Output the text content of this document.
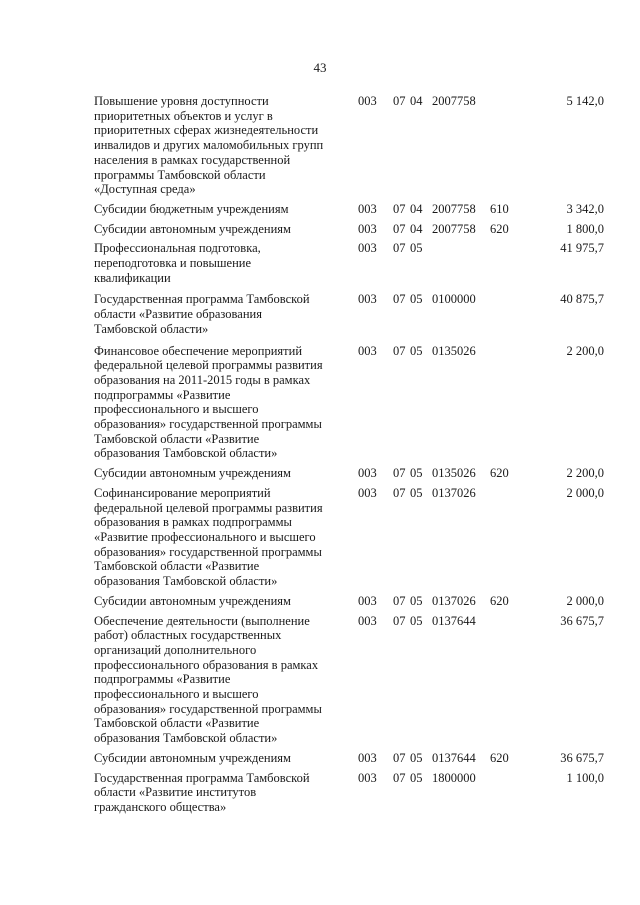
43
Повышение уровня доступности
приоритетных объектов и услуг в
приоритетных сферах жизнедеятельности
инвалидов и других маломобильных групп
населения в рамках государственной
программы Тамбовской области
«Доступная среда»
003 07 04 2007758	5 142,0
Субсидии бюджетным учреждениям	003 07 04 2007758 610	3 342,0
Субсидии автономным учреждениям	003 07 04 2007758 620	1 800,0
Профессиональная подготовка,
переподготовка и повышение
квалификации
003 07 05	41 975,7
Государственная программа Тамбовской
области «Развитие образования
Тамбовской области»
003 07 05 0100000	40 875,7
Финансовое обеспечение мероприятий
федеральной целевой программы развития
образования на 2011-2015 годы в рамках
подпрограммы «Развитие
профессионального и высшего
образования» государственной программы
Тамбовской области «Развитие
образования Тамбовской области»
003 07 05 0135026	2 200,0
Субсидии автономным учреждениям	003 07 05 0135026 620	2 200,0
Софинансирование мероприятий
федеральной целевой программы развития
образования в рамках подпрограммы
«Развитие профессионального и высшего
образования» государственной программы
Тамбовской области «Развитие
образования Тамбовской области»
003 07 05 0137026	2 000,0
Субсидии автономным учреждениям	003 07 05 0137026 620	2 000,0
Обеспечение деятельности (выполнение
работ) областных государственных
организаций дополнительного
профессионального образования в рамках
подпрограммы «Развитие
профессионального и высшего
образования» государственной программы
Тамбовской области «Развитие
образования Тамбовской области»
003 07 05 0137644	36 675,7
Субсидии автономным учреждениям	003 07 05 0137644 620	36 675,7
Государственная программа Тамбовской
области «Развитие институтов
гражданского общества»
003 07 05 1800000	1 100,0
